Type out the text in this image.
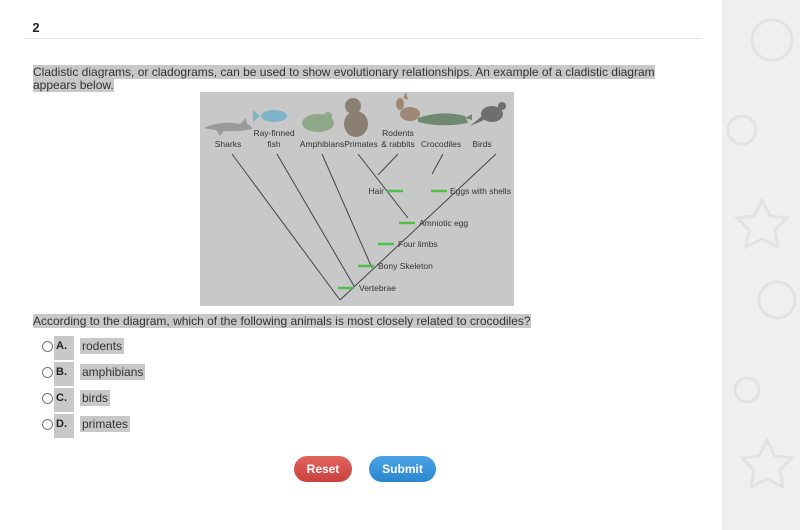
2
Cladistic diagrams, or cladograms, can be used to show evolutionary relationships. An example of a cladistic diagram appears below.
Sharks
Ray-finned
fish Amphibians Primates
Rodents
& rabbits Crocodiles Birds
Vertebrae
Bony Skeleton
Four limbs
Amniotic egg
Hair	Eggs with shells
According to the diagram, which of the following animals is most closely related to crocodiles?
A.	rodents
B.	amphibians
C.	birds
D.	primates
Reset	Submit
